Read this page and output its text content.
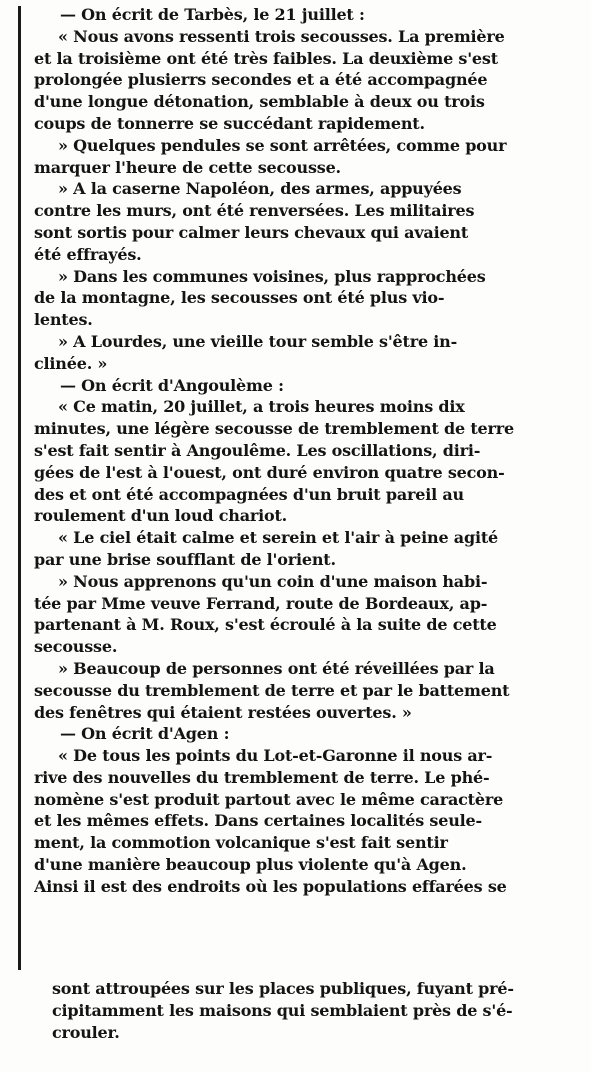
— On écrit de Tarbès, le 21 juillet :

« Nous avons ressenti trois secousses. La première
et la troisième ont été très faibles. La deuxième s'est
prolongée plusierrs secondes et a été accompagnée
d'une longue détonation, semblable à deux ou trois
coups de tonnerre se succédant rapidement.
» Quelques pendules se sont arrêtées, comme pour
marquer l'heure de cette secousse.
» A la caserne Napoléon, des armes, appuyées
contre les murs, ont été renversées. Les militaires
sont sortis pour calmer leurs chevaux qui avaient
été effrayés.
» Dans les communes voisines, plus rapprochées
de la montagne, les secousses ont été plus vio-
lentes.
» A Lourdes, une vieille tour semble s'être in-
clinée. »

— On écrit d'Angoulème :

« Ce matin, 20 juillet, a trois heures moins dix
minutes, une légère secousse de tremblement de terre
s'est fait sentir à Angoulême. Les oscillations, diri-
gées de l'est à l'ouest, ont duré environ quatre secon-
des et ont été accompagnées d'un bruit pareil au
roulement d'un loud chariot.
« Le ciel était calme et serein et l'air à peine agité
par une brise soufflant de l'orient.
» Nous apprenons qu'un coin d'une maison habi-
tée par Mme veuve Ferrand, route de Bordeaux, ap-
partenant à M. Roux, s'est écroulé à la suite de cette
secousse.
» Beaucoup de personnes ont été réveillées par la
secousse du tremblement de terre et par le battement
des fenêtres qui étaient restées ouvertes. »

— On écrit d'Agen :

« De tous les points du Lot-et-Garonne il nous ar-
rive des nouvelles du tremblement de terre. Le phé-
nomène s'est produit partout avec le même caractère
et les mêmes effets. Dans certaines localités seule-
ment, la commotion volcanique s'est fait sentir
d'une manière beaucoup plus violente qu'à Agen.
Ainsi il est des endroits où les populations effarées se
sont attroupées sur les places publiques, fuyant pré-
cipitamment les maisons qui semblaient près de s'é-
crouler.
